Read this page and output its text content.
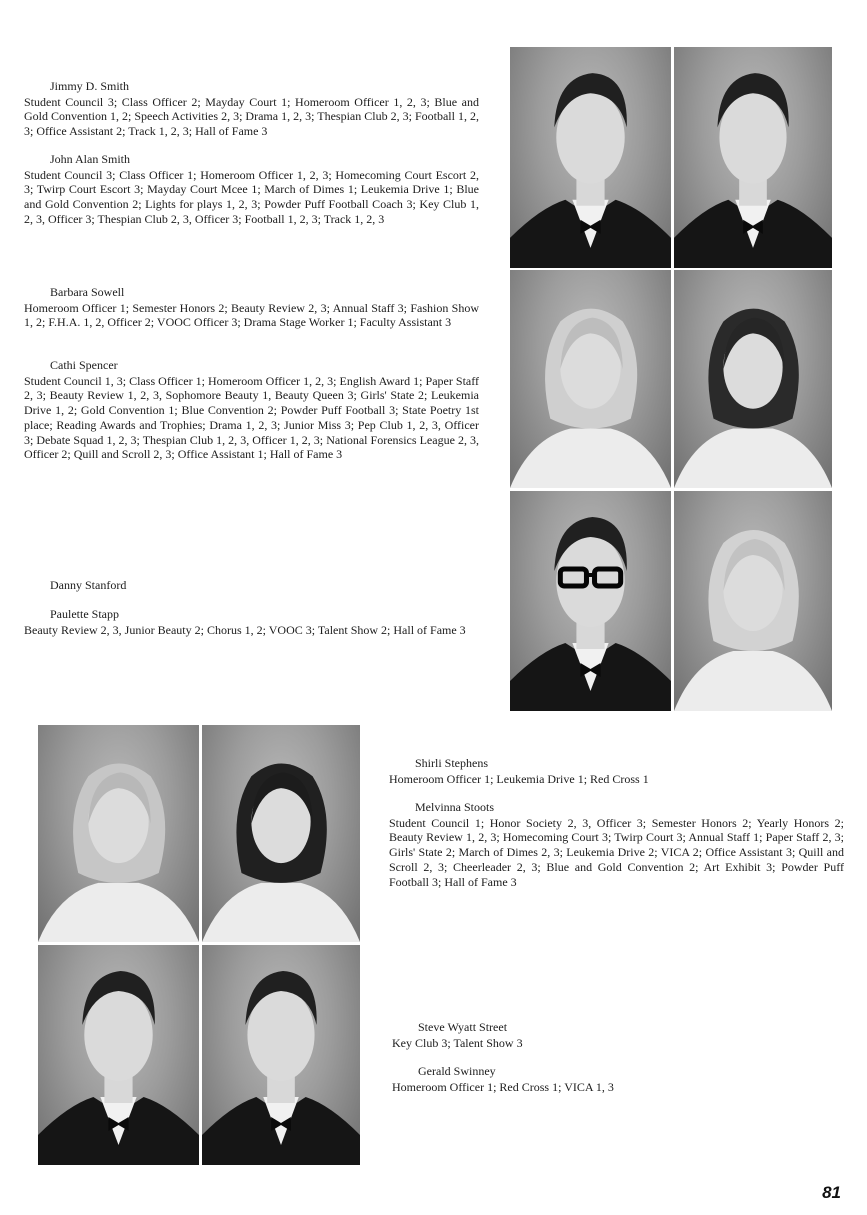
Jimmy D. Smith
Student Council 3; Class Officer 2; Mayday Court 1; Homeroom Officer 1, 2, 3; Blue and Gold Convention 1, 2; Speech Activities 2, 3; Drama 1, 2, 3; Thespian Club 2, 3; Football 1, 2, 3; Office Assistant 2; Track 1, 2, 3; Hall of Fame 3
John Alan Smith
Student Council 3; Class Officer 1; Homeroom Officer 1, 2, 3; Homecoming Court Escort 2, 3; Twirp Court Escort 3; Mayday Court Mcee 1; March of Dimes 1; Leukemia Drive 1; Blue and Gold Convention 2; Lights for plays 1, 2, 3; Powder Puff Football Coach 3; Key Club 1, 2, 3, Officer 3; Thespian Club 2, 3, Officer 3; Football 1, 2, 3; Track 1, 2, 3
Barbara Sowell
Homeroom Officer 1; Semester Honors 2; Beauty Review 2, 3; Annual Staff 3; Fashion Show 1, 2; F.H.A. 1, 2, Officer 2; VOOC Officer 3; Drama Stage Worker 1; Faculty Assistant 3
Cathi Spencer
Student Council 1, 3; Class Officer 1; Homeroom Officer 1, 2, 3; English Award 1; Paper Staff 2, 3; Beauty Review 1, 2, 3, Sophomore Beauty 1, Beauty Queen 3; Girls' State 2; Leukemia Drive 1, 2; Gold Convention 1; Blue Convention 2; Powder Puff Football 3; State Poetry 1st place; Reading Awards and Trophies; Drama 1, 2, 3; Junior Miss 3; Pep Club 1, 2, 3, Officer 3; Debate Squad 1, 2, 3; Thespian Club 1, 2, 3, Officer 1, 2, 3; National Forensics League 2, 3, Officer 2; Quill and Scroll 2, 3; Office Assistant 1; Hall of Fame 3
Danny Stanford
Paulette Stapp
Beauty Review 2, 3, Junior Beauty 2; Chorus 1, 2; VOOC 3; Talent Show 2; Hall of Fame 3
Shirli Stephens
Homeroom Officer 1; Leukemia Drive 1; Red Cross 1
Melvinna Stoots
Student Council 1; Honor Society 2, 3, Officer 3; Semester Honors 2; Yearly Honors 2; Beauty Review 1, 2, 3; Homecoming Court 3; Twirp Court 3; Annual Staff 1; Paper Staff 2, 3; Girls' State 2; March of Dimes 2, 3; Leukemia Drive 2; VICA 2; Office Assistant 3; Quill and Scroll 2, 3; Cheerleader 2, 3; Blue and Gold Convention 2; Art Exhibit 3; Powder Puff Football 3; Hall of Fame 3
Steve Wyatt Street
Key Club 3; Talent Show 3
Gerald Swinney
Homeroom Officer 1; Red Cross 1; VICA 1, 3
81
